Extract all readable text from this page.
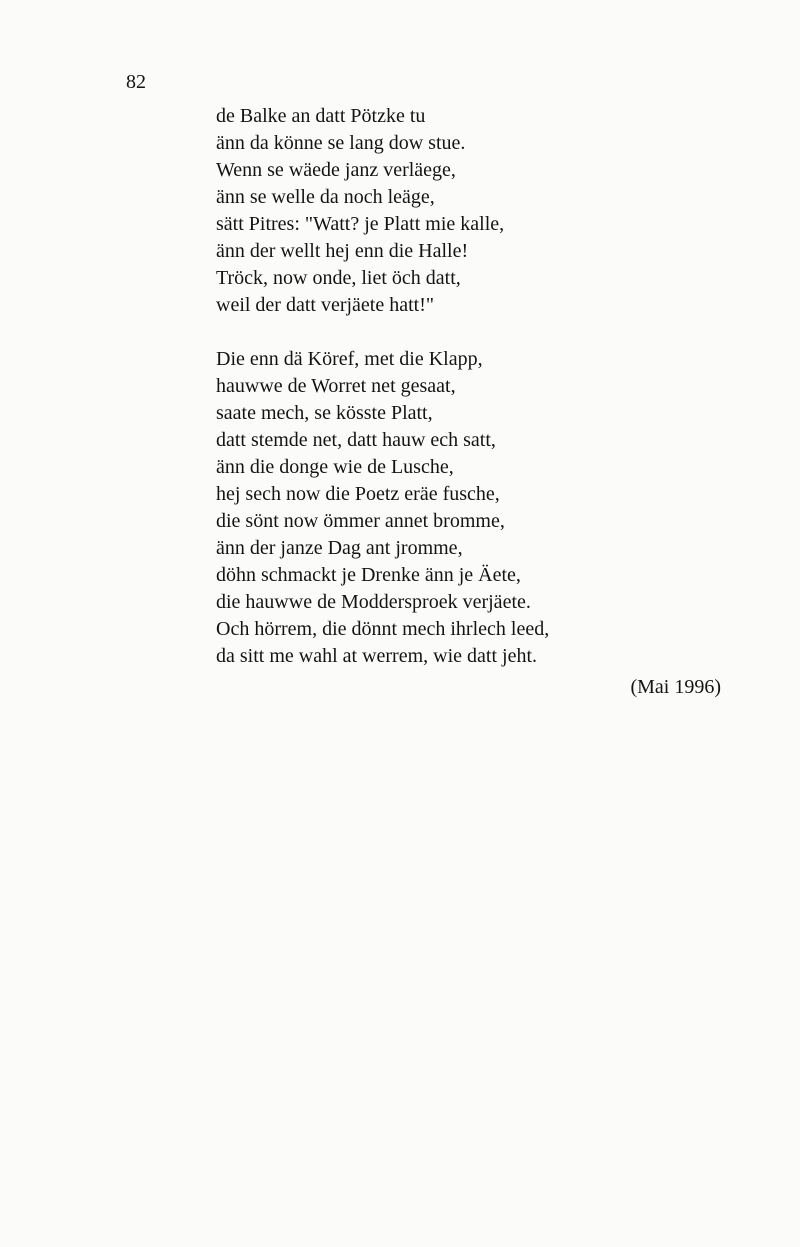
82
de Balke an datt Pötzke tu
änn da könne se lang dow stue.
Wenn se wäede janz verläege,
änn se welle da noch leäge,
sätt Pitres: "Watt? je Platt mie kalle,
änn der wellt hej enn die Halle!
Tröck, now onde, liet öch datt,
weil der datt verjäete hatt!"
Die enn dä Köref, met die Klapp,
hauwwe de Worret net gesaat,
saate mech, se kösste Platt,
datt stemde net, datt hauw ech satt,
änn die donge wie de Lusche,
hej sech now die Poetz eräe fusche,
die sönt now ömmer annet bromme,
änn der janze Dag ant jromme,
döhn schmackt je Drenke änn je Äete,
die hauwwe de Moddersproek verjäete.
Och hörrem, die dönnt mech ihrlech leed,
da sitt me wahl at werrem, wie datt jeht.
(Mai 1996)
